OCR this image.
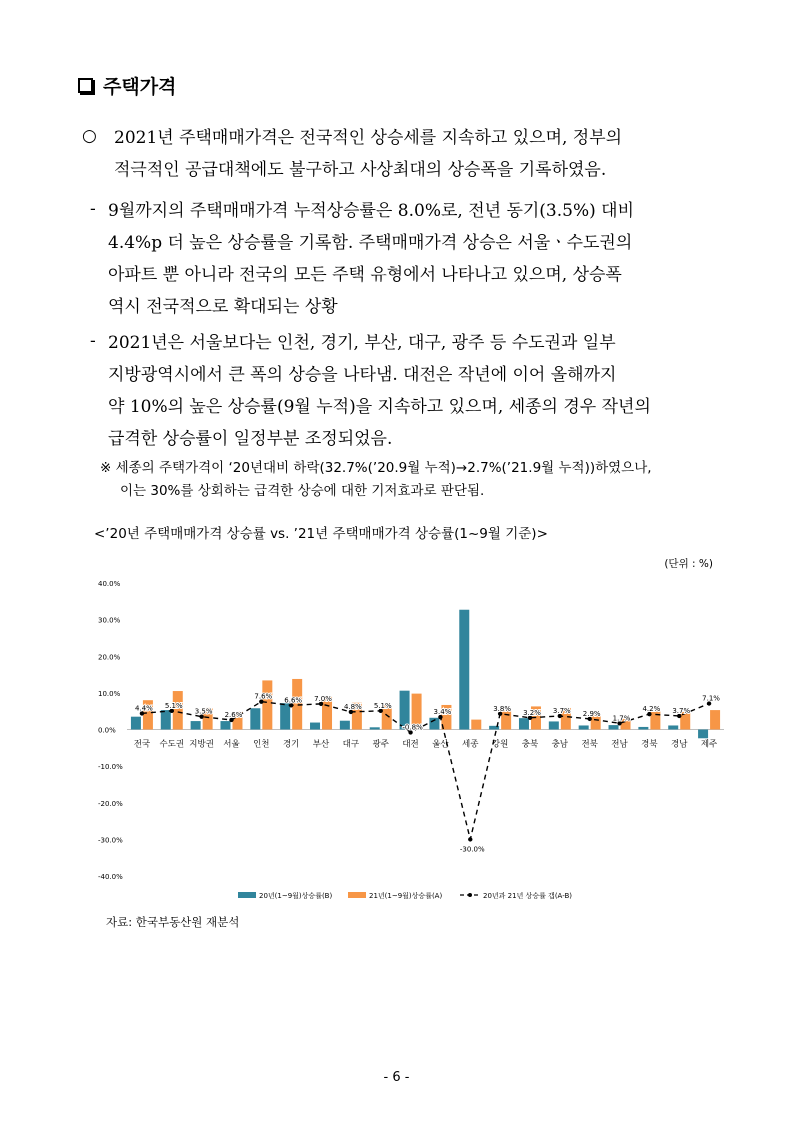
주택가격
○ 2021년 주택매매가격은 전국적인 상승세를 지속하고 있으며, 정부의
적극적인 공급대책에도 불구하고 사상최대의 상승폭을 기록하였음.
- 9월까지의 주택매매가격 누적상승률은 8.0%로, 전년 동기(3.5%) 대비
4.4%p 더 높은 상승률을 기록함. 주택매매가격 상승은 서울ㆍ수도권의
아파트 뿐 아니라 전국의 모든 주택 유형에서 나타나고 있으며, 상승폭
역시 전국적으로 확대되는 상황
- 2021년은 서울보다는 인천, 경기, 부산, 대구, 광주 등 수도권과 일부
지방광역시에서 큰 폭의 상승을 나타냄. 대전은 작년에 이어 올해까지
약 10%의 높은 상승률(9월 누적)을 지속하고 있으며, 세종의 경우 작년의
급격한 상승률이 일정부분 조정되었음.
※ 세종의 주택가격이 ‘20년대비 하락(32.7%(’20.9월 누적)→2.7%(’21.9월 누적))하였으나,
이는 30%를 상회하는 급격한 상승에 대한 기저효과로 판단됨.
<’20년 주택매매가격 상승률 vs. ’21년 주택매매가격 상승률(1~9월 기준)>
(단위 : %)
40.0%
30.0%
20.0%
10.0%
0.0%
-10.0%
-20.0%
-30.0%
-40.0%
전국 수도권 지방권 서울 인천 경기 부산 대구 광주 대전 울산 세종 강원 충북 충남 전북 전남 경북 경남 제주
4.4% 5.1%
3.5% 2.6%
7.6% 6.6% 7.0%
4.8% 5.1%
-0.8%
3.4%
-30.0%
3.8%
3.2% 3.7% 2.9%
1.7%
4.2% 3.7%
7.1%
20년(1~9월)상승률(B)	21년(1~9월)상승률(A)	20년과 21년 상승률 갭(A-B)
자료: 한국부동산원 재분석
- 6 -
